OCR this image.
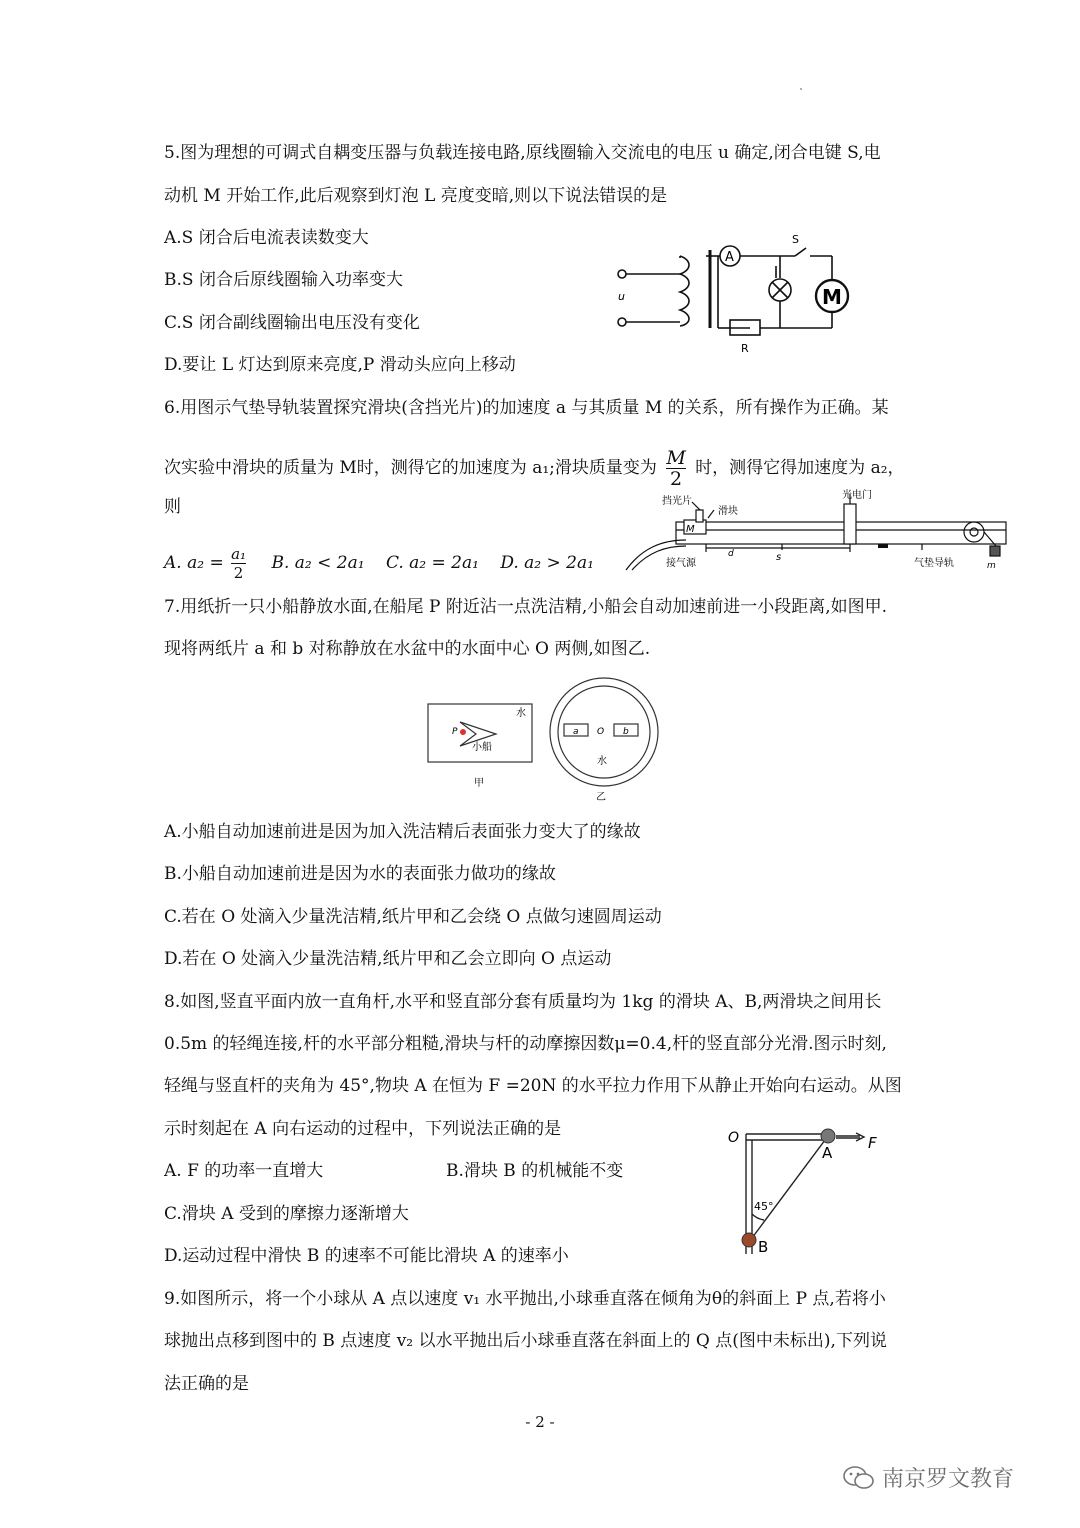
5.图为理想的可调式自耦变压器与负载连接电路,原线圈输入交流电的电压 u 确定,闭合电键 S,电
动机 M 开始工作,此后观察到灯泡 L 亮度变暗,则以下说法错误的是
A.S 闭合后电流表读数变大
B.S 闭合后原线圈输入功率变大
C.S 闭合副线圈输出电压没有变化
D.要让 L 灯达到原来亮度,P 滑动头应向上移动
u
A
S
M
R
6.用图示气垫导轨装置探究滑块(含挡光片)的加速度 a 与其质量 M 的关系，所有操作为正确。某
次实验中滑块的质量为 M时，测得它的加速度为 a₁;滑块质量变为 $\frac{M}{2}$ 时，测得它得加速度为 a₂，
则
A. $a_2 = \frac{\text{a₁}}{2} B$. a₂ < 2a₁ C. a₂ = 2a₁ D. a₂ > 2a₁
挡光片
滑块
光电门
M
接气源
s
d
气垫导轨	m
7.用纸折一只小船静放水面,在船尾 P 附近沾一点洗洁精,小船会自动加速前进一小段距离,如图甲.
现将两纸片 a 和 b 对称静放在水盆中的水面中心 O 两侧,如图乙.
水
P
小船
甲
乙
a O b
水
A.小船自动加速前进是因为加入洗洁精后表面张力变大了的缘故
B.小船自动加速前进是因为水的表面张力做功的缘故
C.若在 O 处滴入少量洗洁精,纸片甲和乙会绕 O 点做匀速圆周运动
D.若在 O 处滴入少量洗洁精,纸片甲和乙会立即向 O 点运动
8.如图,竖直平面内放一直角杆,水平和竖直部分套有质量均为 1kg 的滑块 A、B,两滑块之间用长
0.5m 的轻绳连接,杆的水平部分粗糙,滑块与杆的动摩擦因数μ=0.4,杆的竖直部分光滑.图示时刻,
轻绳与竖直杆的夹角为 45°,物块 A 在恒为 F =20N 的水平拉力作用下从静止开始向右运动。从图
示时刻起在 A 向右运动的过程中，下列说法正确的是
A. F 的功率一直增大	B.滑块 B 的机械能不变
C.滑块 A 受到的摩擦力逐渐增大
D.运动过程中滑快 B 的速率不可能比滑块 A 的速率小
O
A
F
45°
B
9.如图所示，将一个小球从 A 点以速度 v₁ 水平抛出,小球垂直落在倾角为θ的斜面上 P 点,若将小
球抛出点移到图中的 B 点速度 v₂ 以水平抛出后小球垂直落在斜面上的 Q 点(图中未标出),下列说
法正确的是
- 2 -
南京罗文教育
